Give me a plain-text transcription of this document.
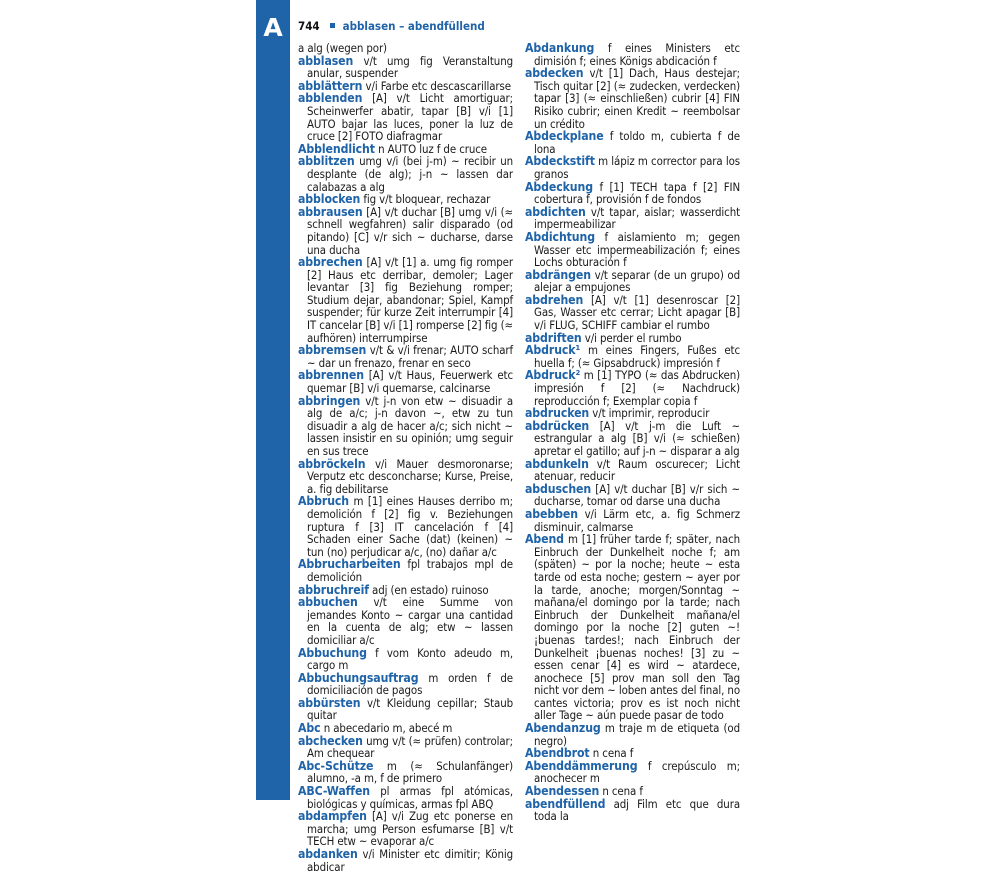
A	744 abblasen – abendfüllend

a alg (wegen por)

abblasen v/t umg fig Veranstaltung anular, suspender

abblättern v/i Farbe etc descascarillarse

abblenden [A] v/t Licht amortiguar; Scheinwerfer abatir, tapar [B] v/i [1] AUTO bajar las luces, poner la luz de cruce [2] FOTO diafragmar

Abblendlicht n AUTO luz f de cruce

abblitzen umg v/i (bei j-m) ~ recibir un desplante (de alg); j-n ~ lassen dar calabazas a alg

abblocken fig v/t bloquear, rechazar

abbrausen [A] v/t duchar [B] umg v/i (≈ schnell wegfahren) salir disparado (od pitando) [C] v/r sich ~ ducharse, darse una ducha

abbrechen [A] v/t [1] a. umg fig romper [2] Haus etc derribar, demoler; Lager levantar [3] fig Beziehung romper; Studium dejar, abandonar; Spiel, Kampf suspender; für kurze Zeit interrumpir [4] IT cancelar [B] v/i [1] romperse [2] fig (≈ aufhören) interrumpirse

abbremsen v/t & v/i frenar; AUTO scharf ~ dar un frenazo, frenar en seco

abbrennen [A] v/t Haus, Feuerwerk etc quemar [B] v/i quemarse, calcinarse

abbringen v/t j-n von etw ~ disuadir a alg de a/c; j-n davon ~, etw zu tun disuadir a alg de hacer a/c; sich nicht ~ lassen insistir en su opinión; umg seguir en sus trece

abbröckeln v/i Mauer desmoronarse; Verputz etc desconcharse; Kurse, Preise, a. fig debilitarse

Abbruch m [1] eines Hauses derribo m; demolición f [2] fig v. Beziehungen ruptura f [3] IT cancelación f [4] Schaden einer Sache (dat) (keinen) ~ tun (no) perjudicar a/c, (no) dañar a/c

Abbrucharbeiten fpl trabajos mpl de demolición

abbruchreif adj (en estado) ruinoso

abbuchen v/t eine Summe von jemandes Konto ~ cargar una cantidad en la cuenta de alg; etw ~ lassen domiciliar a/c

Abbuchung f vom Konto adeudo m, cargo m

Abbuchungsauftrag m orden f de domiciliación de pagos

abbürsten v/t Kleidung cepillar; Staub quitar

Abc n abecedario m, abecé m

abchecken umg v/t (≈ prüfen) controlar; Am chequear

Abc-Schütze m (≈ Schulanfänger) alumno, -a m, f de primero

ABC-Waffen pl armas fpl atómicas, biológicas y químicas, armas fpl ABQ

abdampfen [A] v/i Zug etc ponerse en marcha; umg Person esfumarse [B] v/t TECH etw ~ evaporar a/c

abdanken v/i Minister etc dimitir; König abdicar

Abdankung f eines Ministers etc dimisión f; eines Königs abdicación f

abdecken v/t [1] Dach, Haus destejar; Tisch quitar [2] (≈ zudecken, verdecken) tapar [3] (≈ einschließen) cubrir [4] FIN Risiko cubrir; einen Kredit ~ reembolsar un crédito

Abdeckplane f toldo m, cubierta f de lona

Abdeckstift m lápiz m corrector para los granos

Abdeckung f [1] TECH tapa f [2] FIN cobertura f, provisión f de fondos

abdichten v/t tapar, aislar; wasserdicht impermeabilizar

Abdichtung f aislamiento m; gegen Wasser etc impermeabilización f; eines Lochs obturación f

abdrängen v/t separar (de un grupo) od alejar a empujones

abdrehen [A] v/t [1] desenroscar [2] Gas, Wasser etc cerrar; Licht apagar [B] v/i FLUG, SCHIFF cambiar el rumbo

abdriften v/i perder el rumbo

Abdruck¹ m eines Fingers, Fußes etc huella f; (≈ Gipsabdruck) impresión f

Abdruck² m [1] TYPO (≈ das Abdrucken) impresión f [2] (≈ Nachdruck) reproducción f; Exemplar copia f

abdrucken v/t imprimir, reproducir

abdrücken [A] v/t j-m die Luft ~ estrangular a alg [B] v/i (≈ schießen) apretar el gatillo; auf j-n ~ disparar a alg

abdunkeln v/t Raum oscurecer; Licht atenuar, reducir

abduschen [A] v/t duchar [B] v/r sich ~ ducharse, tomar od darse una ducha

abebben v/i Lärm etc, a. fig Schmerz disminuir, calmarse

Abend m [1] früher tarde f; später, nach Einbruch der Dunkelheit noche f; am (späten) ~ por la noche; heute ~ esta tarde od esta noche; gestern ~ ayer por la tarde, anoche; morgen/Sonntag ~ mañana/el domingo por la tarde; nach Einbruch der Dunkelheit mañana/el domingo por la noche [2] guten ~! ¡buenas tardes!; nach Einbruch der Dunkelheit ¡buenas noches! [3] zu ~ essen cenar [4] es wird ~ atardece, anochece [5] prov man soll den Tag nicht vor dem ~ loben antes del final, no cantes victoria; prov es ist noch nicht aller Tage ~ aún puede pasar de todo

Abendanzug m traje m de etiqueta (od negro)

Abendbrot n cena f

Abenddämmerung f crepúsculo m; anochecer m

Abendessen n cena f

abendfüllend adj Film etc que dura toda la
